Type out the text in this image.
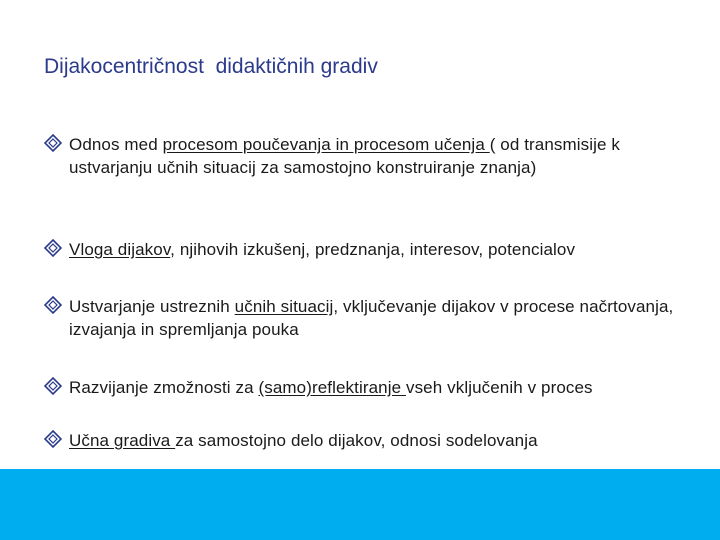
Dijakocentričnost  didaktičnih gradiv
Odnos med procesom poučevanja in procesom učenja ( od transmisije k ustvarjanju učnih situacij za samostojno konstruiranje znanja)
Vloga dijakov, njihovih izkušenj, predznanja, interesov, potencialov
Ustvarjanje ustreznih učnih situacij, vključevanje dijakov v procese načrtovanja, izvajanja in spremljanja pouka
Razvijanje zmožnosti za (samo)reflektiranje vseh vključenih v proces
Učna gradiva za samostojno delo dijakov, odnosi sodelovanja
